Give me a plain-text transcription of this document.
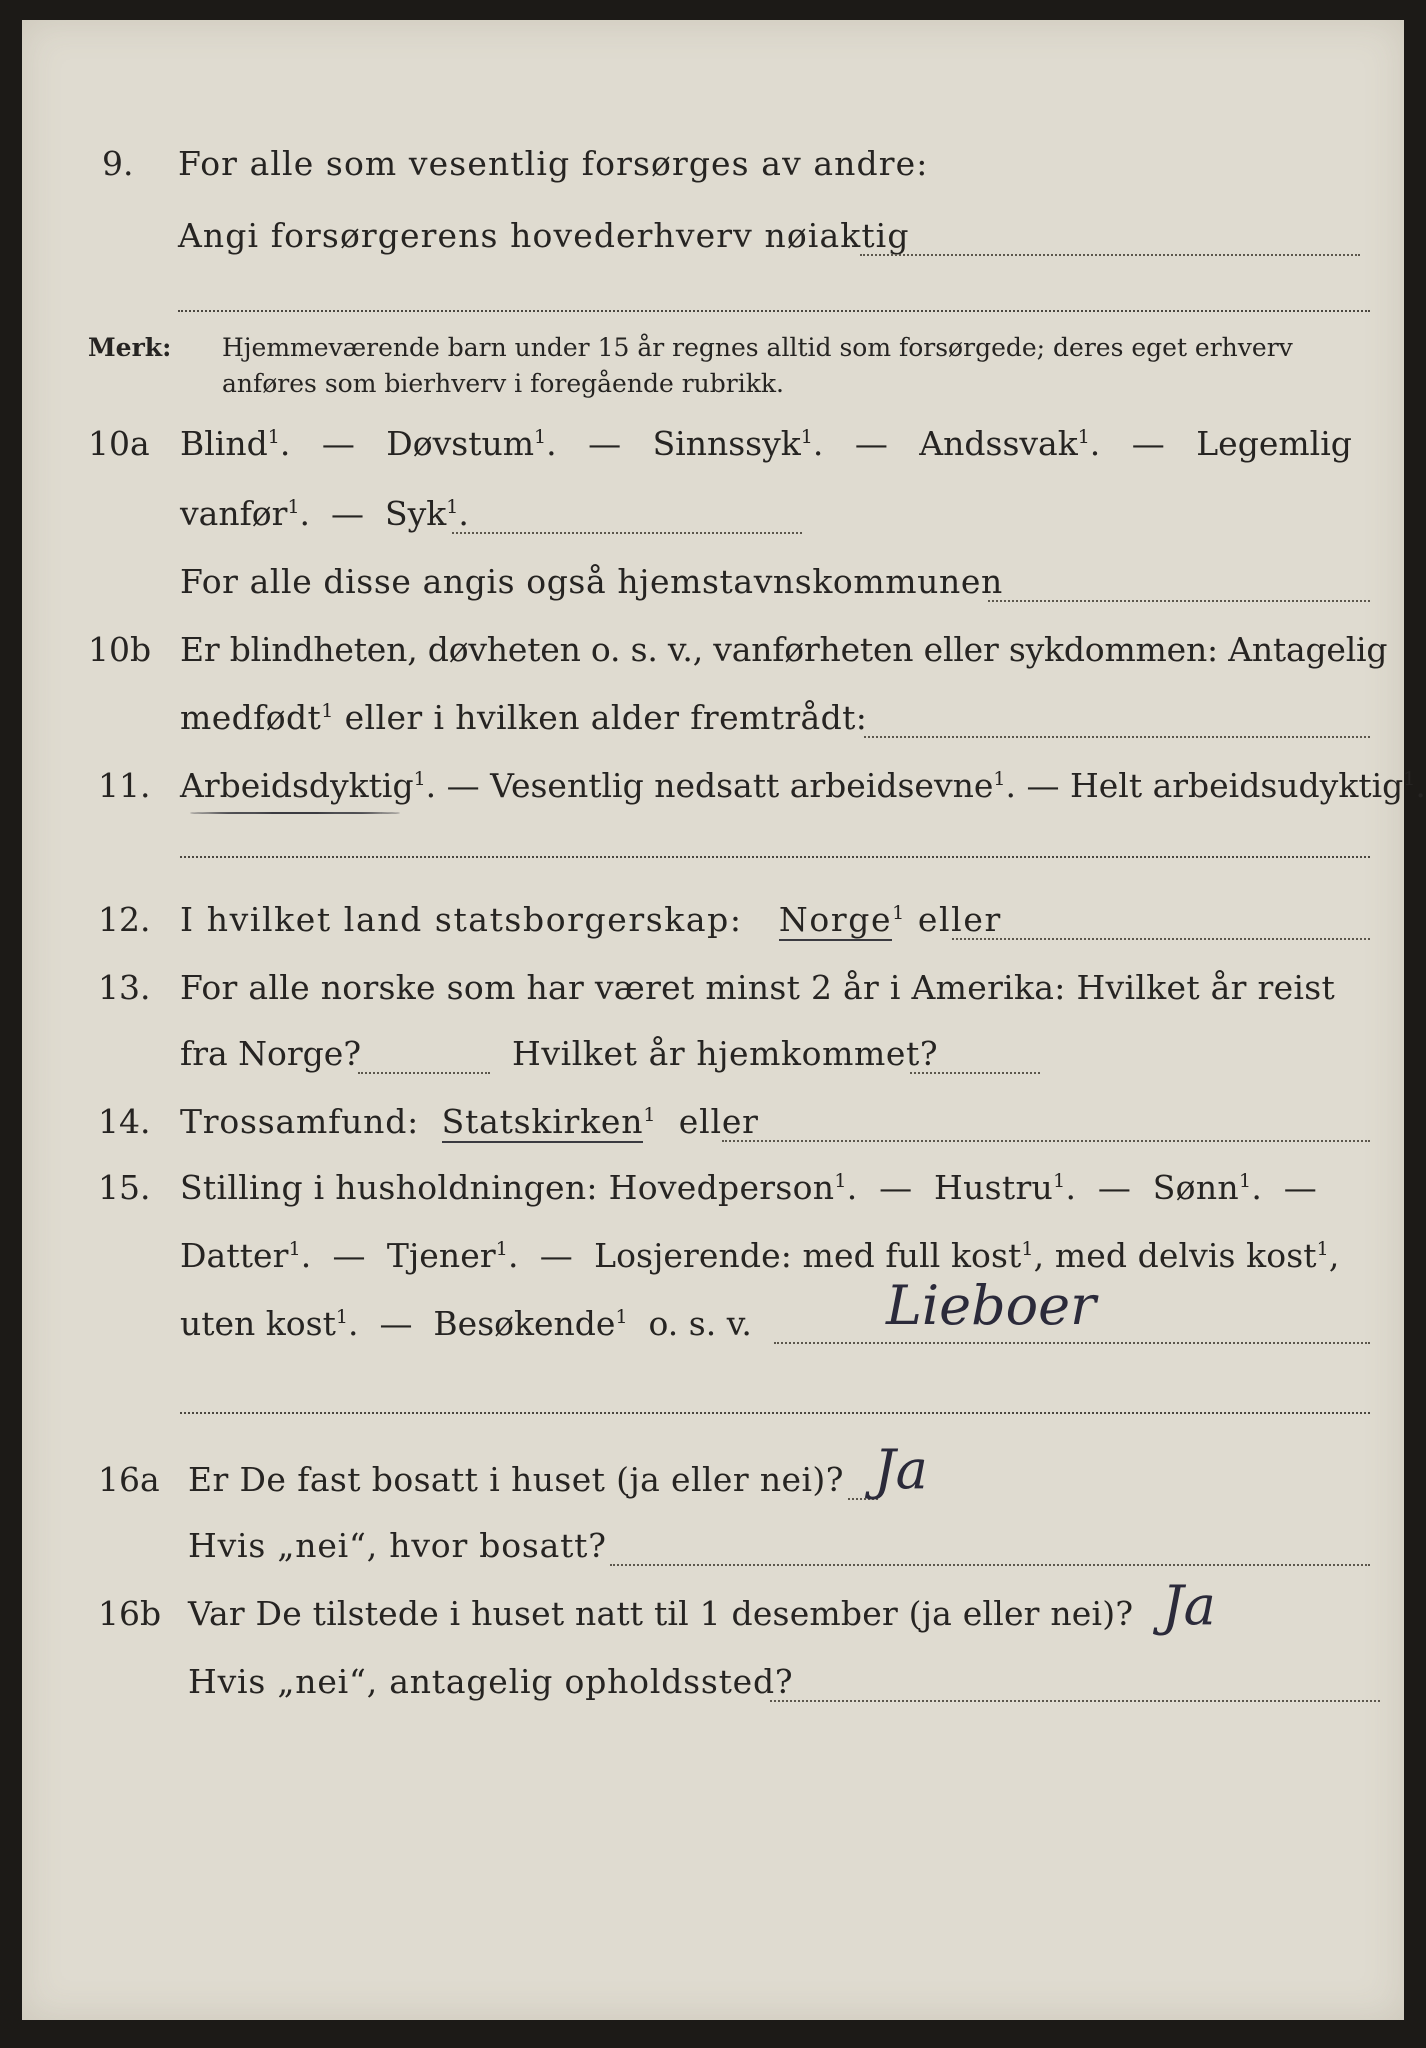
9. For alle som vesentlig forsørges av andre:
Angi forsørgerens hovederhverv nøiaktig
Merk: Hjemmeværende barn under 15 år regnes alltid som forsørgede; deres eget erhverv
anføres som bierhverv i foregående rubrikk.
10a Blind$^1$.   — Døvstum$^1$.   — Sinnssyk$^1$.   — Andssvak$^1$.   — Legemlig
vanfør$^1$.  — Syk$^1$.
For alle disse angis også hjemstavnskommunen
10b Er blindheten, døvheten o. s. v., vanførheten eller sykdommen: Antagelig
medfødt$^1$ eller i hvilken alder fremtrådt:
11. Arbeidsdyktig$^1$. — Vesentlig nedsatt arbeidsevne$^1$. — Helt arbeidsudyktig$^1$.
12. I hvilket land statsborgerskap: Norge$^1$ eller
13. For alle norske som har været minst 2 år i Amerika: Hvilket år reist
fra Norge?	Hvilket år hjemkommet?
14. Trossamfund: Statskirken$^1$ eller
15. Stilling i husholdningen: Hovedperson$^1$.  — Hustru$^1$.  — Sønn$^1$.  —
Datter$^1$.  — Tjener$^1$.  — Losjerende: med full kost$^1$, med delvis kost$^1$,
uten kost$^1$.  — Besøkende$^1$ o. s. v. Lieboer
16a Er De fast bosatt i huset (ja eller nei)? Ja
Hvis „nei“, hvor bosatt?
16b Var De tilstede i huset natt til 1 desember (ja eller nei)? Ja
Hvis „nei“, antagelig opholdssted?
